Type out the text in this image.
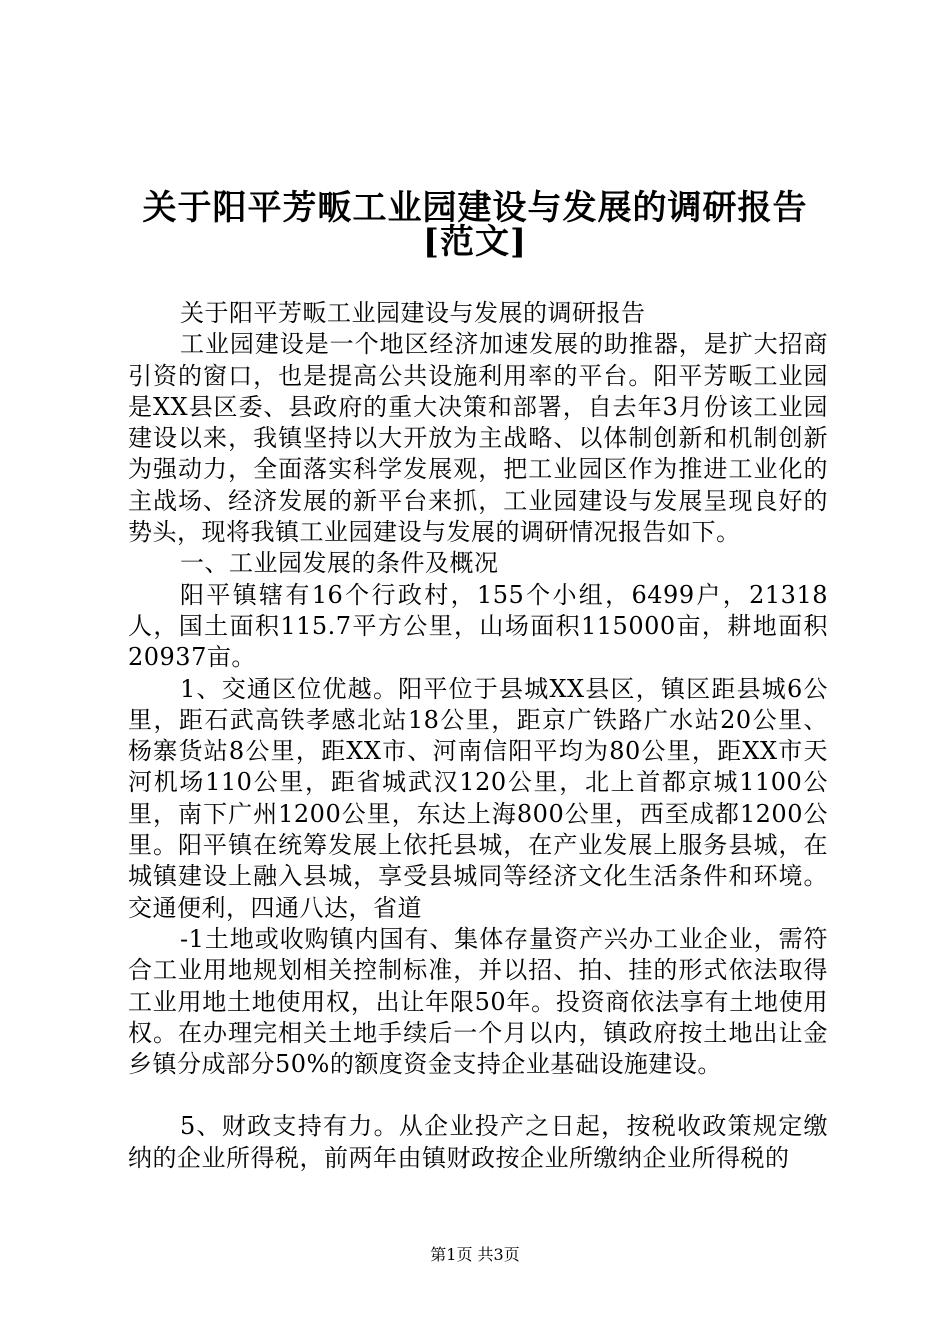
关于阳平芳畈工业园建设与发展的调研报告
[范文]

关于阳平芳畈工业园建设与发展的调研报告

工业园建设是一个地区经济加速发展的助推器，是扩大招商引资的窗口，也是提高公共设施利用率的平台。阳平芳畈工业园是XX县区委、县政府的重大决策和部署，自去年3月份该工业园建设以来，我镇坚持以大开放为主战略、以体制创新和机制创新为强动力，全面落实科学发展观，把工业园区作为推进工业化的主战场、经济发展的新平台来抓，工业园建设与发展呈现良好的势头，现将我镇工业园建设与发展的调研情况报告如下。

一、工业园发展的条件及概况

阳平镇辖有16个行政村，155个小组，6499户，21318人，国土面积115.7平方公里，山场面积115000亩，耕地面积20937亩。

1、交通区位优越。阳平位于县城XX县区，镇区距县城6公里，距石武高铁孝感北站18公里，距京广铁路广水站20公里、杨寨货站8公里，距XX市、河南信阳平均为80公里，距XX市天河机场110公里，距省城武汉120公里，北上首都京城1100公里，南下广州1200公里，东达上海800公里，西至成都1200公里。阳平镇在统筹发展上依托县城，在产业发展上服务县城，在城镇建设上融入县城，享受县城同等经济文化生活条件和环境。交通便利，四通八达，省道

-1土地或收购镇内国有、集体存量资产兴办工业企业，需符合工业用地规划相关控制标准，并以招、拍、挂的形式依法取得工业用地土地使用权，出让年限50年。投资商依法享有土地使用权。在办理完相关土地手续后一个月以内，镇政府按土地出让金乡镇分成部分50%的额度资金支持企业基础设施建设。

5、财政支持有力。从企业投产之日起，按税收政策规定缴纳的企业所得税，前两年由镇财政按企业所缴纳企业所得税的

第1页 共3页
